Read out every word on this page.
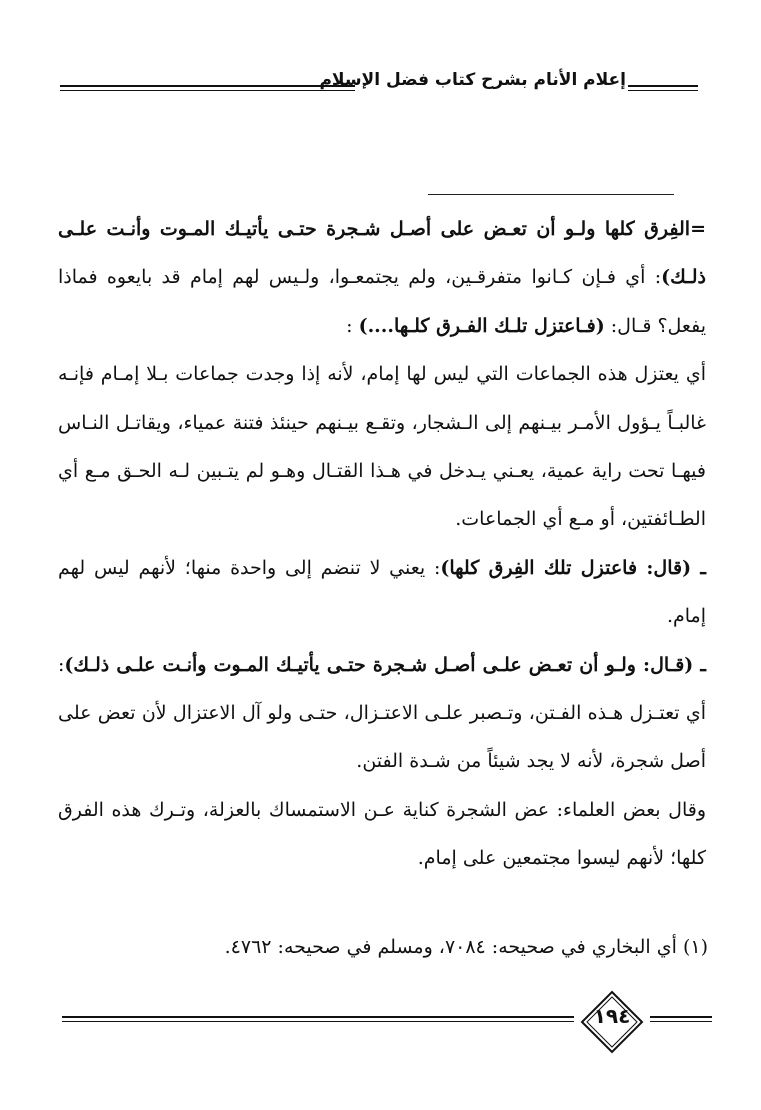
إعلام الأنام بشرح كتاب فضل الإسلام

=الفِرق كلها ولـو أن تعـض على أصـل شـجرة حتـى يأتيـك المـوت وأنـت علـى ذلـك): أي فـإن كـانوا متفرقـين، ولم يجتمعـوا، ولـيس لهم إمام قد بايعوه فماذا يفعل؟ قـال: (فـاعتزل تلـك الفـرق كلـها....) :

أي يعتزل هذه الجماعات التي ليس لها إمام، لأنه إذا وجدت جماعات بـلا إمـام فإنـه غالبـاً يـؤول الأمـر بيـنهم إلى الـشجار، وتقـع بيـنهم حينئذ فتنة عمياء، ويقاتـل النـاس فيهـا تحت راية عمية، يعـني يـدخل في هـذا القتـال وهـو لم يتـبين لـه الحـق مـع أي الطـائفتين، أو مـع أي الجماعات.

ـ (قال: فاعتزل تلك الفِرق كلها): يعني لا تنضم إلى واحدة منها؛ لأنهم ليس لهم إمام.

ـ (قـال: ولـو أن تعـض علـى أصـل شـجرة حتـى يأتيـك المـوت وأنـت علـى ذلـك): أي تعتـزل هـذه الفـتن، وتـصبر علـى الاعتـزال، حتـى ولو آل الاعتزال لأن تعض على أصل شجرة، لأنه لا يجد شيئاً من شـدة الفتن.

وقال بعض العلماء: عض الشجرة كناية عـن الاستمساك بالعزلة، وتـرك هذه الفرق كلها؛ لأنهم ليسوا مجتمعين على إمام.

(١) أي البخاري في صحيحه: ٧٠٨٤، ومسلم في صحيحه: ٤٧٦٢.
١٩٤
